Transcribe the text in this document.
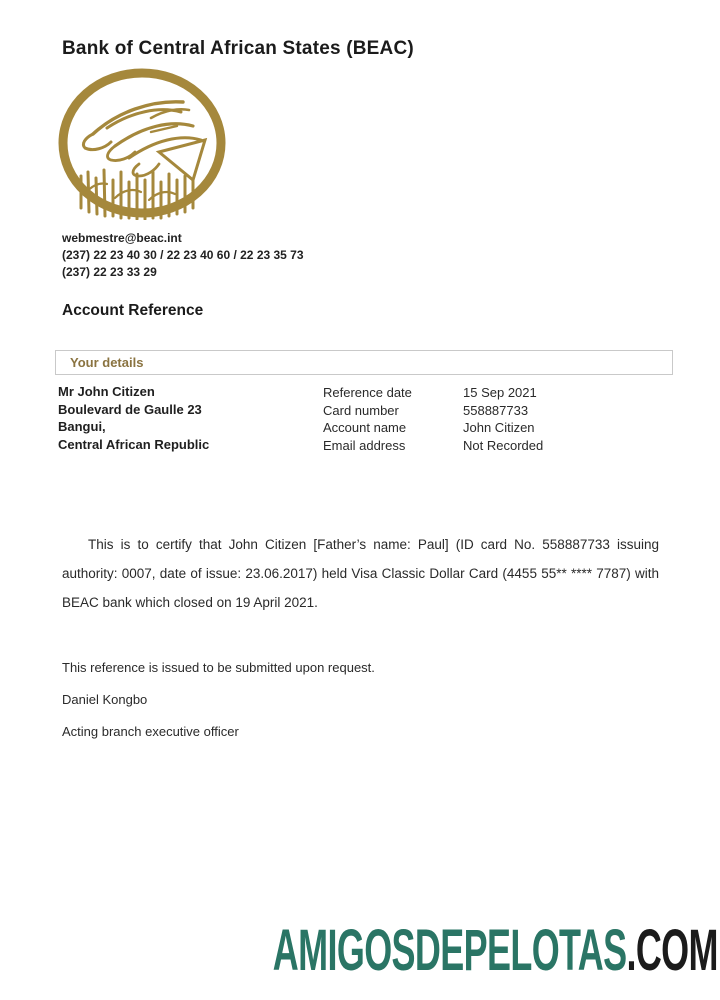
Bank of Central African States (BEAC)
webmestre@beac.int
(237) 22 23 40 30 / 22 23 40 60 / 22 23 35 73
(237) 22 23 33 29
Account Reference
Your details
Mr John Citizen
Boulevard de Gaulle 23
Bangui,
Central African Republic
Reference date
Card number
Account name
Email address
15 Sep 2021
558887733
John Citizen
Not Recorded
This is to certify that John Citizen [Father’s name: Paul] (ID card No. 558887733 issuing authority: 0007, date of issue: 23.06.2017) held Visa Classic Dollar Card (4455 55** **** 7787) with BEAC bank which closed on 19 April 2021.
This reference is issued to be submitted upon request.
Daniel Kongbo
Acting branch executive officer
AMIGOSDEPELOTAS.COM
